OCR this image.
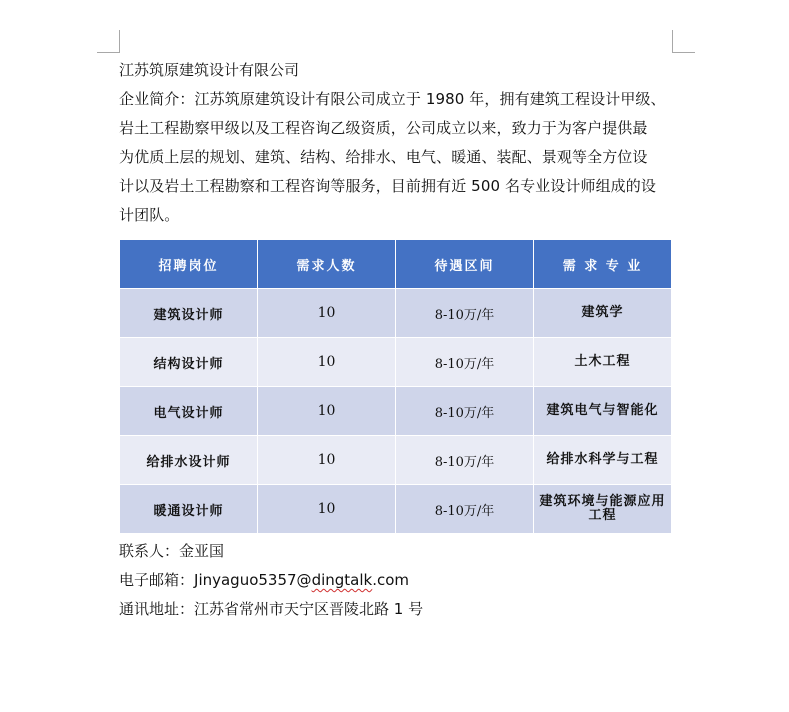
江苏筑原建筑设计有限公司

企业简介：江苏筑原建筑设计有限公司成立于 1980 年，拥有建筑工程设计甲级、
岩土工程勘察甲级以及工程咨询乙级资质，公司成立以来，致力于为客户提供最
为优质上层的规划、建筑、结构、给排水、电气、暖通、装配、景观等全方位设
计以及岩土工程勘察和工程咨询等服务，目前拥有近 500 名专业设计师组成的设
计团队。

招聘岗位	需求人数	待遇区间	需 求 专 业
建筑设计师	10	8-10万/年	建筑学
结构设计师	10	8-10万/年	土木工程
电气设计师	10	8-10万/年	建筑电气与智能化
给排水设计师	10	8-10万/年	给排水科学与工程
暖通设计师	10	8-10万/年	建筑环境与能源应用工程
联系人：金亚国
电子邮箱：Jinyaguo5357@dingtalk.com
通讯地址：江苏省常州市天宁区晋陵北路 1 号
